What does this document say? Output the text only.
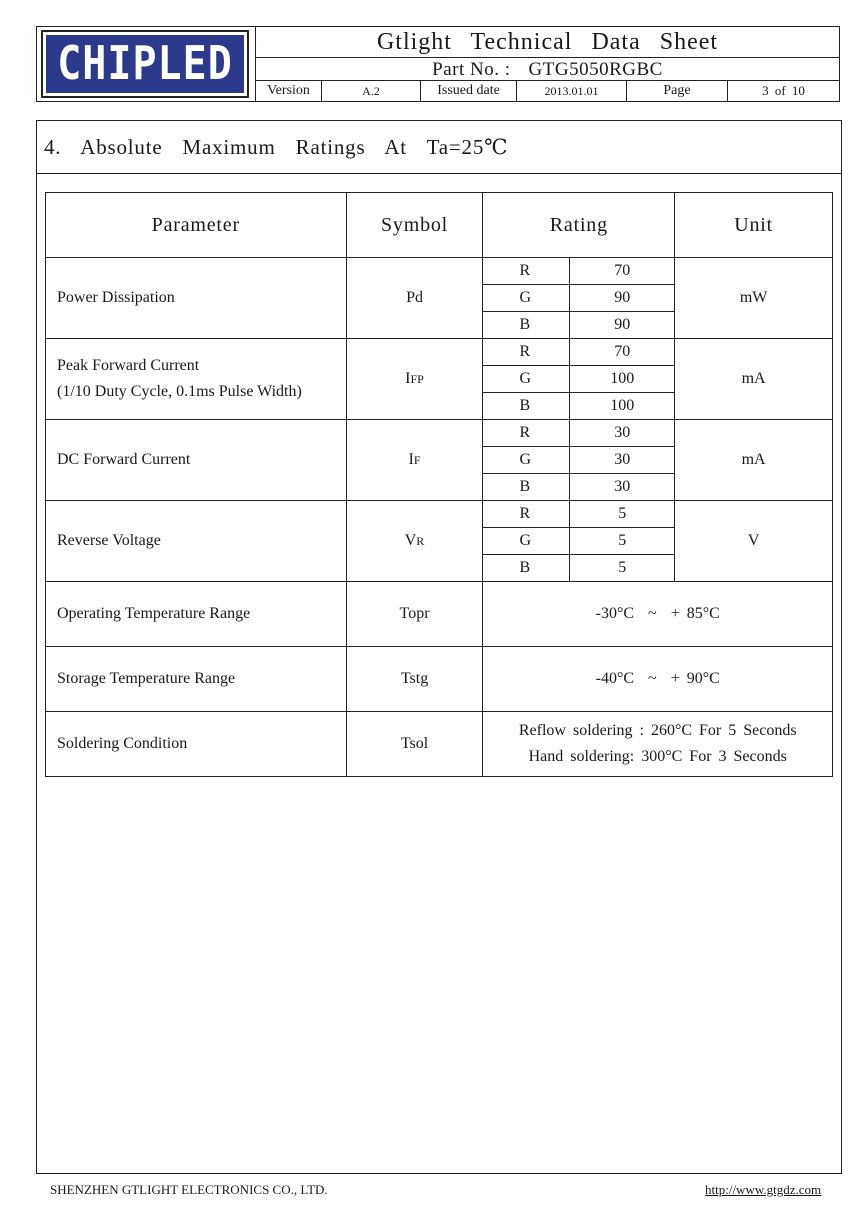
CHIPLED	Gtlight Technical Data Sheet
Part No. : GTG5050RGBC
Version	A.2	Issued date	2013.01.01	Page	3 of 10
4. Absolute Maximum Ratings At Ta=25℃
Parameter	Symbol	Rating		Unit
Power Dissipation	Pd	R	70	mW
		G	90	
		B	90	
Peak Forward Current
(1/10 Duty Cycle, 0.1ms Pulse Width)	IFP	R	70	mA
		G	100	
		B	100	
DC Forward Current	IF	R	30	mA
		G	30	
		B	30	
Reverse Voltage	VR	R	5	V
		G	5	
		B	5	
Operating Temperature Range	Topr	-30°C ~ + 85°C		
Storage Temperature Range	Tstg	-40°C ~ + 90°C		
Soldering Condition	Tsol	Reflow soldering : 260°C For 5 Seconds
Hand soldering: 300°C For 3 Seconds		
SHENZHEN GTLIGHT ELECTRONICS CO., LTD.	http://www.gtgdz.com
